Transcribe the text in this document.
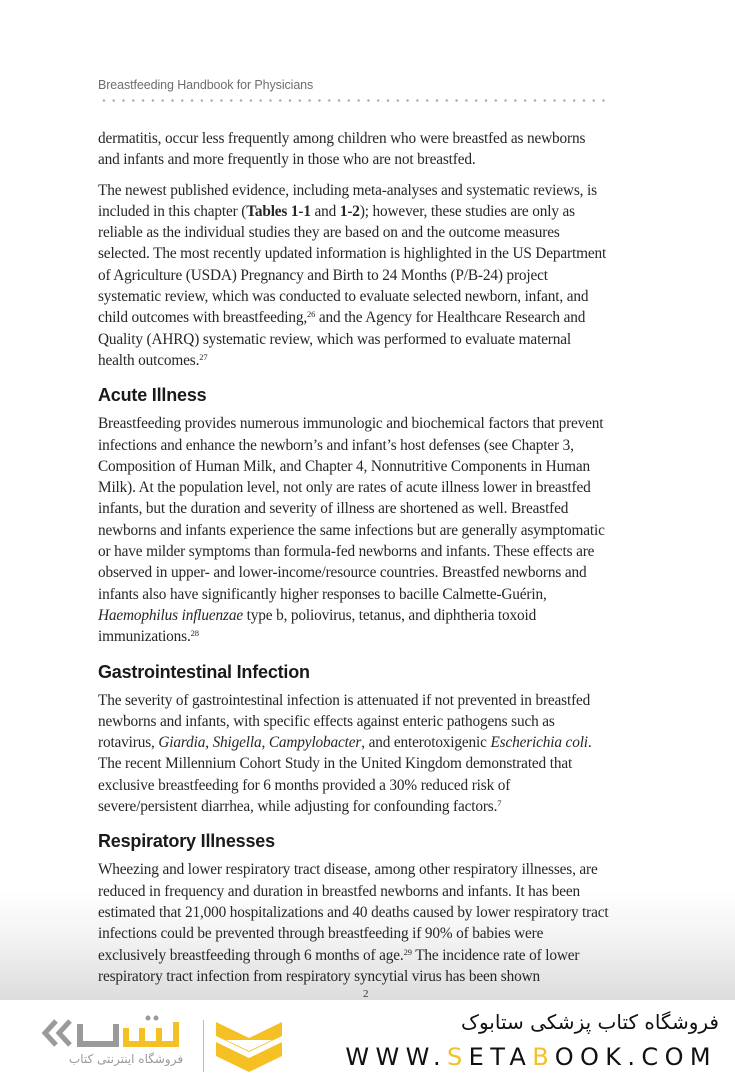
Breastfeeding Handbook for Physicians

dermatitis, occur less frequently among children who were breastfed as newborns and infants and more frequently in those who are not breastfed.

The newest published evidence, including meta-analyses and systematic reviews, is included in this chapter (Tables 1-1 and 1-2); however, these studies are only as reliable as the individual studies they are based on and the outcome measures selected. The most recently updated information is highlighted in the US Department of Agriculture (USDA) Pregnancy and Birth to 24 Months (P/B-24) project systematic review, which was conducted to evaluate selected newborn, infant, and child outcomes with breastfeeding,$^{26}$ and the Agency for Healthcare Research and Quality (AHRQ) systematic review, which was performed to evaluate maternal health outcomes.$^{27}$

Acute Illness

Breastfeeding provides numerous immunologic and biochemical factors that prevent infections and enhance the newborn’s and infant’s host defenses (see Chapter 3, Composition of Human Milk, and Chapter 4, Nonnutritive Components in Human Milk). At the population level, not only are rates of acute illness lower in breastfed infants, but the duration and severity of illness are shortened as well. Breastfed newborns and infants experience the same infections but are generally asymptomatic or have milder symptoms than formula-fed newborns and infants. These effects are observed in upper- and lower-income/resource countries. Breastfed newborns and infants also have significantly higher responses to bacille Calmette-Guérin, Haemophilus influenzae type b, poliovirus, tetanus, and diphtheria toxoid immunizations.$^{28}$

Gastrointestinal Infection

The severity of gastrointestinal infection is attenuated if not prevented in breastfed newborns and infants, with specific effects against enteric pathogens such as rotavirus, Giardia, Shigella, Campylobacter, and enterotoxigenic Escherichia coli. The recent Millennium Cohort Study in the United Kingdom demonstrated that exclusive breastfeeding for 6 months provided a 30% reduced risk of severe/persistent diarrhea, while adjusting for confounding factors.$^7$

Respiratory Illnesses

Wheezing and lower respiratory tract disease, among other respiratory illnesses, are reduced in frequency and duration in breastfed newborns and infants. It has been estimated that 21,000 hospitalizations and 40 deaths caused by lower respiratory tract infections could be prevented through breastfeeding if 90% of babies were exclusively breastfeeding through 6 months of age.$^{29}$ The incidence rate of lower respiratory tract infection from respiratory syncytial virus has been shown

2
فروشگاه اینترنتی کتاب
فروشگاه کتاب پزشکی ستابوک
WWW.SETABOOK.COM
